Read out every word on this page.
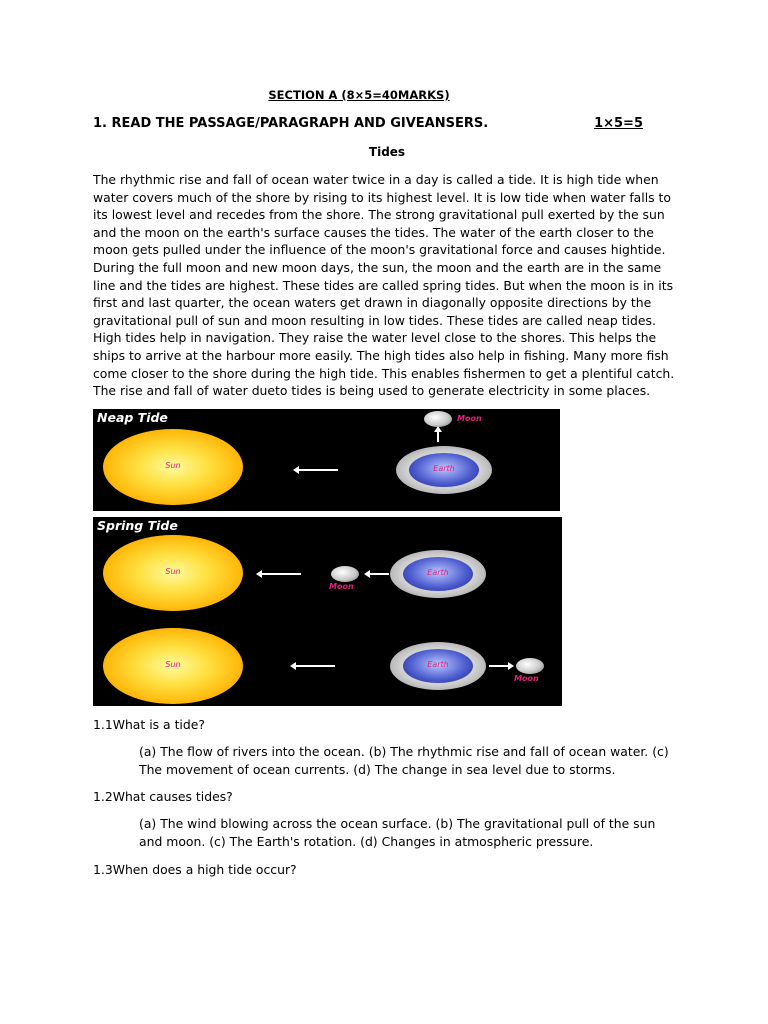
SECTION A (8×5=40MARKS)
1. READ THE PASSAGE/PARAGRAPH AND GIVEANSERS.	1×5=5
Tides

The rhythmic rise and fall of ocean water twice in a day is called a tide. It is high tide when water covers much of the shore by rising to its highest level. It is low tide when water falls to its lowest level and recedes from the shore. The strong gravitational pull exerted by the sun and the moon on the earth's surface causes the tides. The water of the earth closer to the moon gets pulled under the influence of the moon's gravitational force and causes hightide. During the full moon and new moon days, the sun, the moon and the earth are in the same line and the tides are highest. These tides are called spring tides. But when the moon is in its first and last quarter, the ocean waters get drawn in diagonally opposite directions by the gravitational pull of sun and moon resulting in low tides. These tides are called neap tides. High tides help in navigation. They raise the water level close to the shores. This helps the ships to arrive at the harbour more easily. The high tides also help in fishing. Many more fish come closer to the shore during the high tide. This enables fishermen to get a plentiful catch. The rise and fall of water dueto tides is being used to generate electricity in some places.

Neap Tide
Sun	Earth
Moon
Spring Tide
Sun
Moon
Earth
Sun	Earth
Moon
1.1What is a tide?

(a) The flow of rivers into the ocean. (b) The rhythmic rise and fall of ocean water. (c) The movement of ocean currents. (d) The change in sea level due to storms.

1.2What causes tides?

(a) The wind blowing across the ocean surface. (b) The gravitational pull of the sun and moon. (c) The Earth's rotation. (d) Changes in atmospheric pressure.

1.3When does a high tide occur?
